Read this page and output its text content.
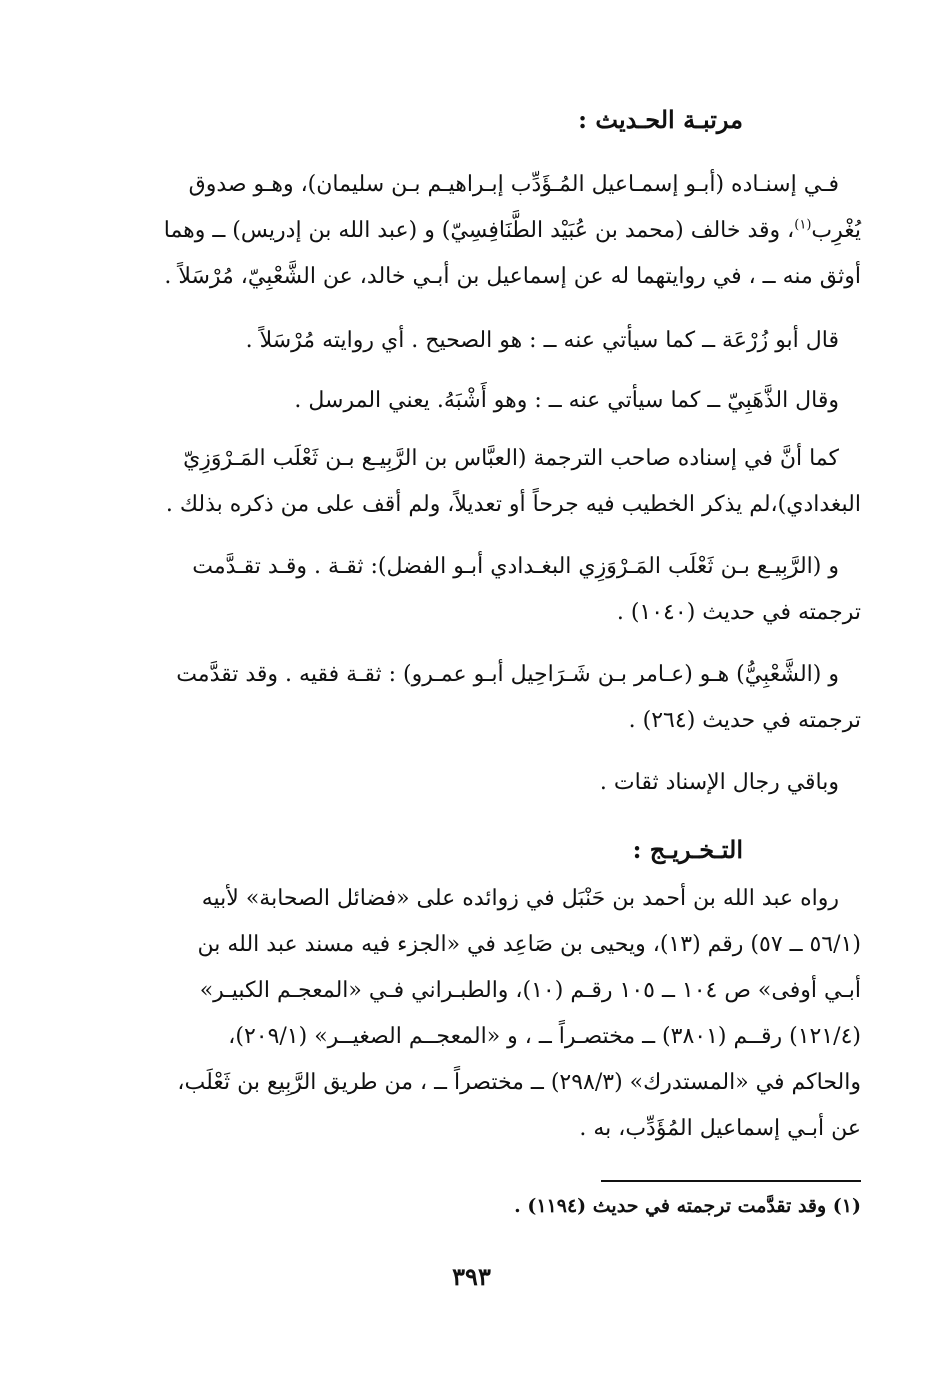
مرتبـة الحـديث :
فـي إسنـاده (أبـو إسمـاعيل المُـؤَدِّب إبـراهيـم بـن سليمان)، وهـو صدوق
يُغْرِب$^{(١)}$، وقد خالف (محمد بن عُبَيْد الطَّنَافِسِيّ) و (عبد الله بن إدريس) ــ وهما
أوثق منه ــ ، في روايتهما له عن إسماعيل بن أبـي خالد، عن الشَّعْبِيّ، مُرْسَلاً .
قال أبو زُرْعَة ــ كما سيأتي عنه ــ : هو الصحيح . أي روايته مُرْسَلاً .
وقال الذَّهَبِيّ ــ كما سيأتي عنه ــ : وهو أَشْبَهُ. يعني المرسل .
كما أنَّ في إسناده صاحب الترجمة (العبَّاس بن الرَّبِيـع بـن ثَعْلَب المَـرْوَزِيّ
البغدادي)،لم يذكر الخطيب فيه جرحاً أو تعديلاً، ولم أقف على من ذكره بذلك .
و (الرَّبِيـع بـن ثَعْلَب المَـرْوَزِي البغـدادي أبـو الفضل): ثقـة . وقـد تقـدَّمت
ترجمته في حديث (١٠٤٠) .
و (الشَّعْبِيُّ) هـو (عـامر بـن شَـرَاحِيل أبـو عمـرو) : ثقـة فقيه . وقد تقدَّمت
ترجمته في حديث (٢٦٤) .
وباقي رجال الإسناد ثقات .
التـخـريـج :
رواه عبد الله بن أحمد بن حَنْبَل في زوائده على «فضائل الصحابة» لأبيه
(٥٦/١ ــ ٥٧) رقم (١٣)، ويحيى بن صَاعِد في «الجزء فيه مسند عبد الله بن
أبـي أوفى» ص ١٠٤ ــ ١٠٥ رقـم (١٠)، والطبـراني فـي «المعجـم الكبيـر»
(١٢١/٤) رقــم (٣٨٠١) ــ مختصـراً ــ ، و «المعجــم الصغيــر» (٢٠٩/١)،
والحاكم في «المستدرك» (٢٩٨/٣) ــ مختصراً ــ ، من طريق الرَّبِيع بن ثَعْلَب،
عن أبـي إسماعيل المُؤَدِّب، به .
(١) وقد تقدَّمت ترجمته في حديث (١١٩٤) .
٣٩٣
